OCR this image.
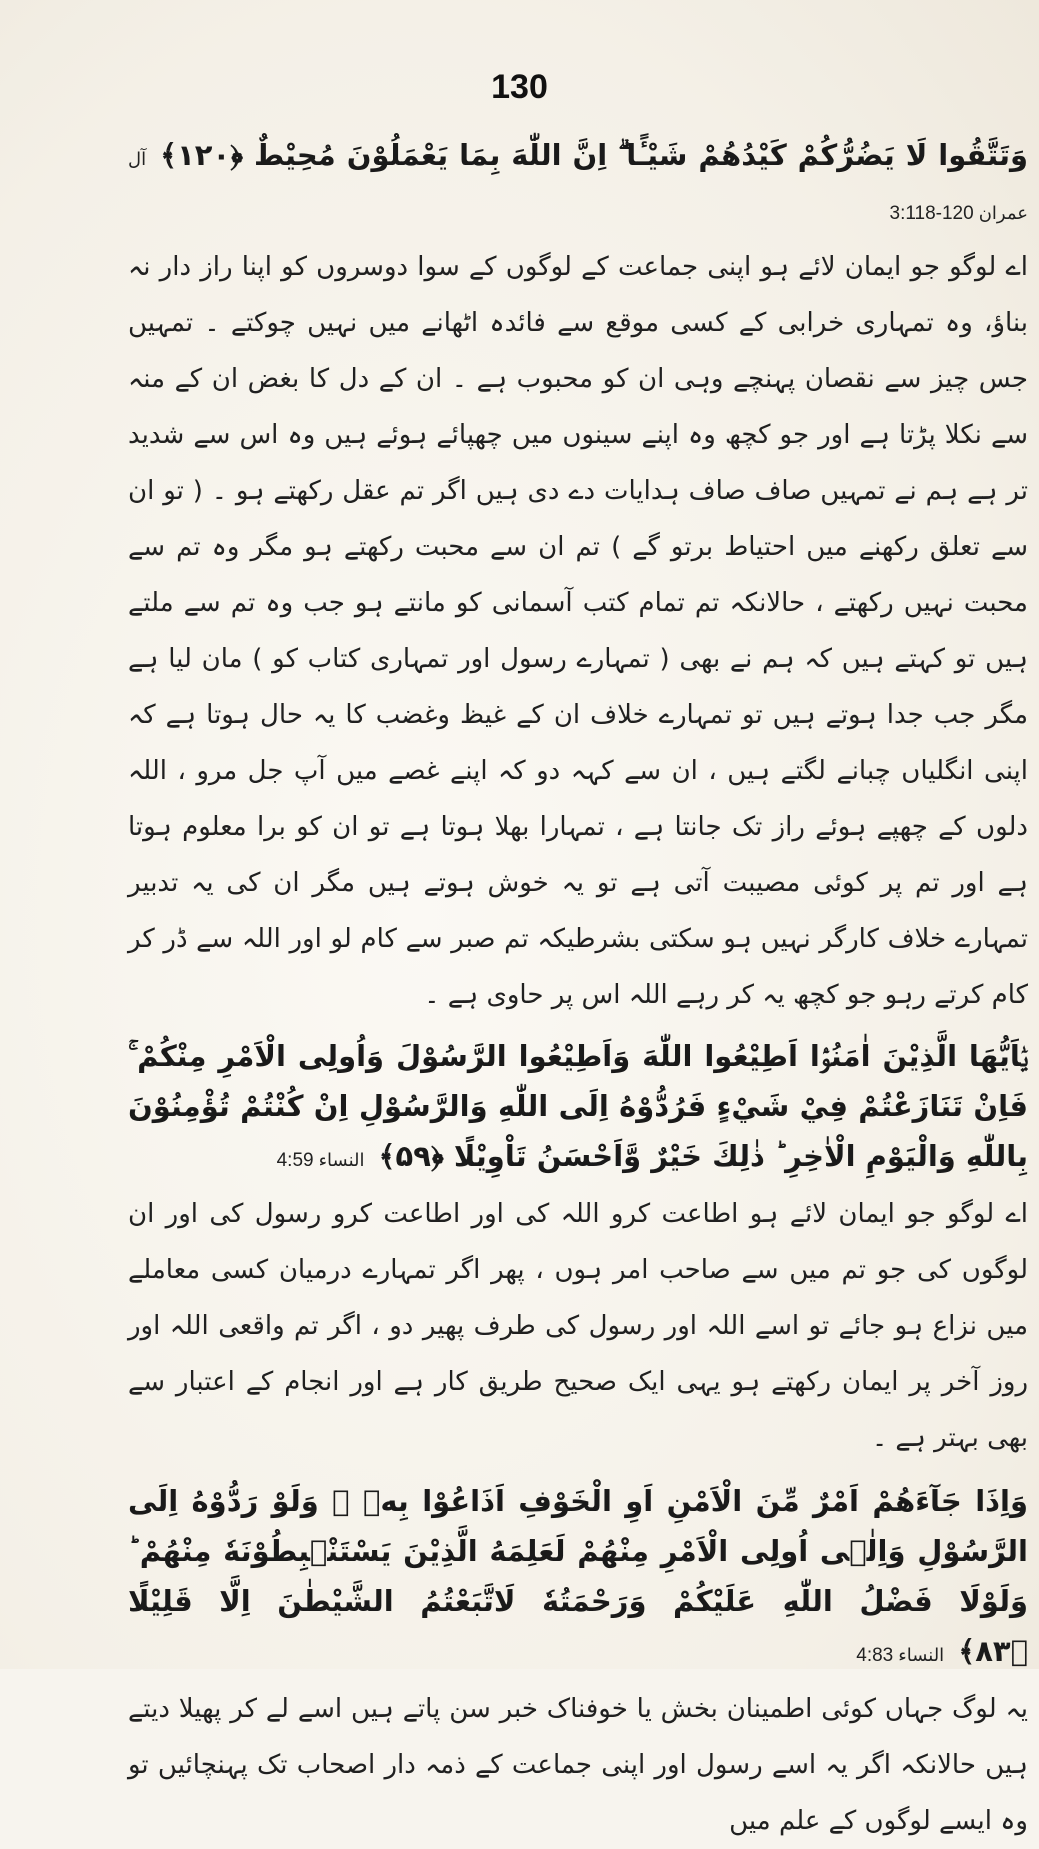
130
وَتَتَّقُوا لَا يَضُرُّكُمْ كَيْدُهُمْ شَيْـًٔا ۗ اِنَّ اللّٰهَ بِمَا يَعْمَلُوْنَ مُحِيْطٌ ﴿۱۲۰﴾آل عمران 3:118-120
اے لوگو جو ایمان لائے ہو اپنی جماعت کے لوگوں کے سوا دوسروں کو اپنا راز دار نہ بناؤ، وہ تمہاری خرابی کے کسی موقع سے فائدہ اٹھانے میں نہیں چوکتے ۔ تمہیں جس چیز سے نقصان پہنچے وہی ان کو محبوب ہے ۔ ان کے دل کا بغض ان کے منہ سے نکلا پڑتا ہے اور جو کچھ وہ اپنے سینوں میں چھپائے ہوئے ہیں وہ اس سے شدید تر ہے ہم نے تمہیں صاف صاف ہدایات دے دی ہیں اگر تم عقل رکھتے ہو ۔ ( تو ان سے تعلق رکھنے میں احتیاط برتو گے ) تم ان سے محبت رکھتے ہو مگر وہ تم سے محبت نہیں رکھتے ، حالانکہ تم تمام کتب آسمانی کو مانتے ہو جب وہ تم سے ملتے ہیں تو کہتے ہیں کہ ہم نے بھی ( تمہارے رسول اور تمہاری کتاب کو ) مان لیا ہے مگر جب جدا ہوتے ہیں تو تمہارے خلاف ان کے غیظ وغضب کا یہ حال ہوتا ہے کہ اپنی انگلیاں چبانے لگتے ہیں ، ان سے کہہ دو کہ اپنے غصے میں آپ جل مرو ، اللہ دلوں کے چھپے ہوئے راز تک جانتا ہے ، تمہارا بھلا ہوتا ہے تو ان کو برا معلوم ہوتا ہے اور تم پر کوئی مصیبت آتی ہے تو یہ خوش ہوتے ہیں مگر ان کی یہ تدبیر تمہارے خلاف کارگر نہیں ہو سکتی بشرطیکہ تم صبر سے کام لو اور اللہ سے ڈر کر کام کرتے رہو جو کچھ یہ کر رہے اللہ اس پر حاوی ہے ۔
يٰۤاَيُّهَا الَّذِيْنَ اٰمَنُوْۤا اَطِيْعُوا اللّٰهَ وَاَطِيْعُوا الرَّسُوْلَ وَاُولِى الْاَمْرِ مِنْكُمْ ۚ فَاِنْ تَنَازَعْتُمْ فِيْ شَيْءٍ فَرُدُّوْهُ اِلَى اللّٰهِ وَالرَّسُوْلِ اِنْ كُنْتُمْ تُؤْمِنُوْنَ بِاللّٰهِ وَالْيَوْمِ الْاٰخِرِ ؕ ذٰلِكَ خَيْرٌ وَّاَحْسَنُ تَاْوِيْلًا ﴿۵۹﴾النساء 4:59
اے لوگو جو ایمان لائے ہو اطاعت کرو اللہ کی اور اطاعت کرو رسول کی اور ان لوگوں کی جو تم میں سے صاحب امر ہوں ، پھر اگر تمہارے درمیان کسی معاملے میں نزاع ہو جائے تو اسے اللہ اور رسول کی طرف پھیر دو ، اگر تم واقعی اللہ اور روز آخر پر ایمان رکھتے ہو یہی ایک صحیح طریق کار ہے اور انجام کے اعتبار سے بھی بہتر ہے ۔
وَاِذَا جَآءَهُمْ اَمْرٌ مِّنَ الْاَمْنِ اَوِ الْخَوْفِ اَذَاعُوْا بِهٖ ۚ وَلَوْ رَدُّوْهُ اِلَى الرَّسُوْلِ وَاِلٰۤى اُولِى الْاَمْرِ مِنْهُمْ لَعَلِمَهُ الَّذِيْنَ يَسْتَنْۢبِطُوْنَهٗ مِنْهُمْ ؕ وَلَوْلَا فَضْلُ اللّٰهِ عَلَيْكُمْ وَرَحْمَتُهٗ لَاتَّبَعْتُمُ الشَّيْطٰنَ اِلَّا قَلِيْلًا ﴿۸۳﴾النساء 4:83
یہ لوگ جہاں کوئی اطمینان بخش یا خوفناک خبر سن پاتے ہیں اسے لے کر پھیلا دیتے ہیں حالانکہ اگر یہ اسے رسول اور اپنی جماعت کے ذمہ دار اصحاب تک پہنچائیں تو وہ ایسے لوگوں کے علم میں
